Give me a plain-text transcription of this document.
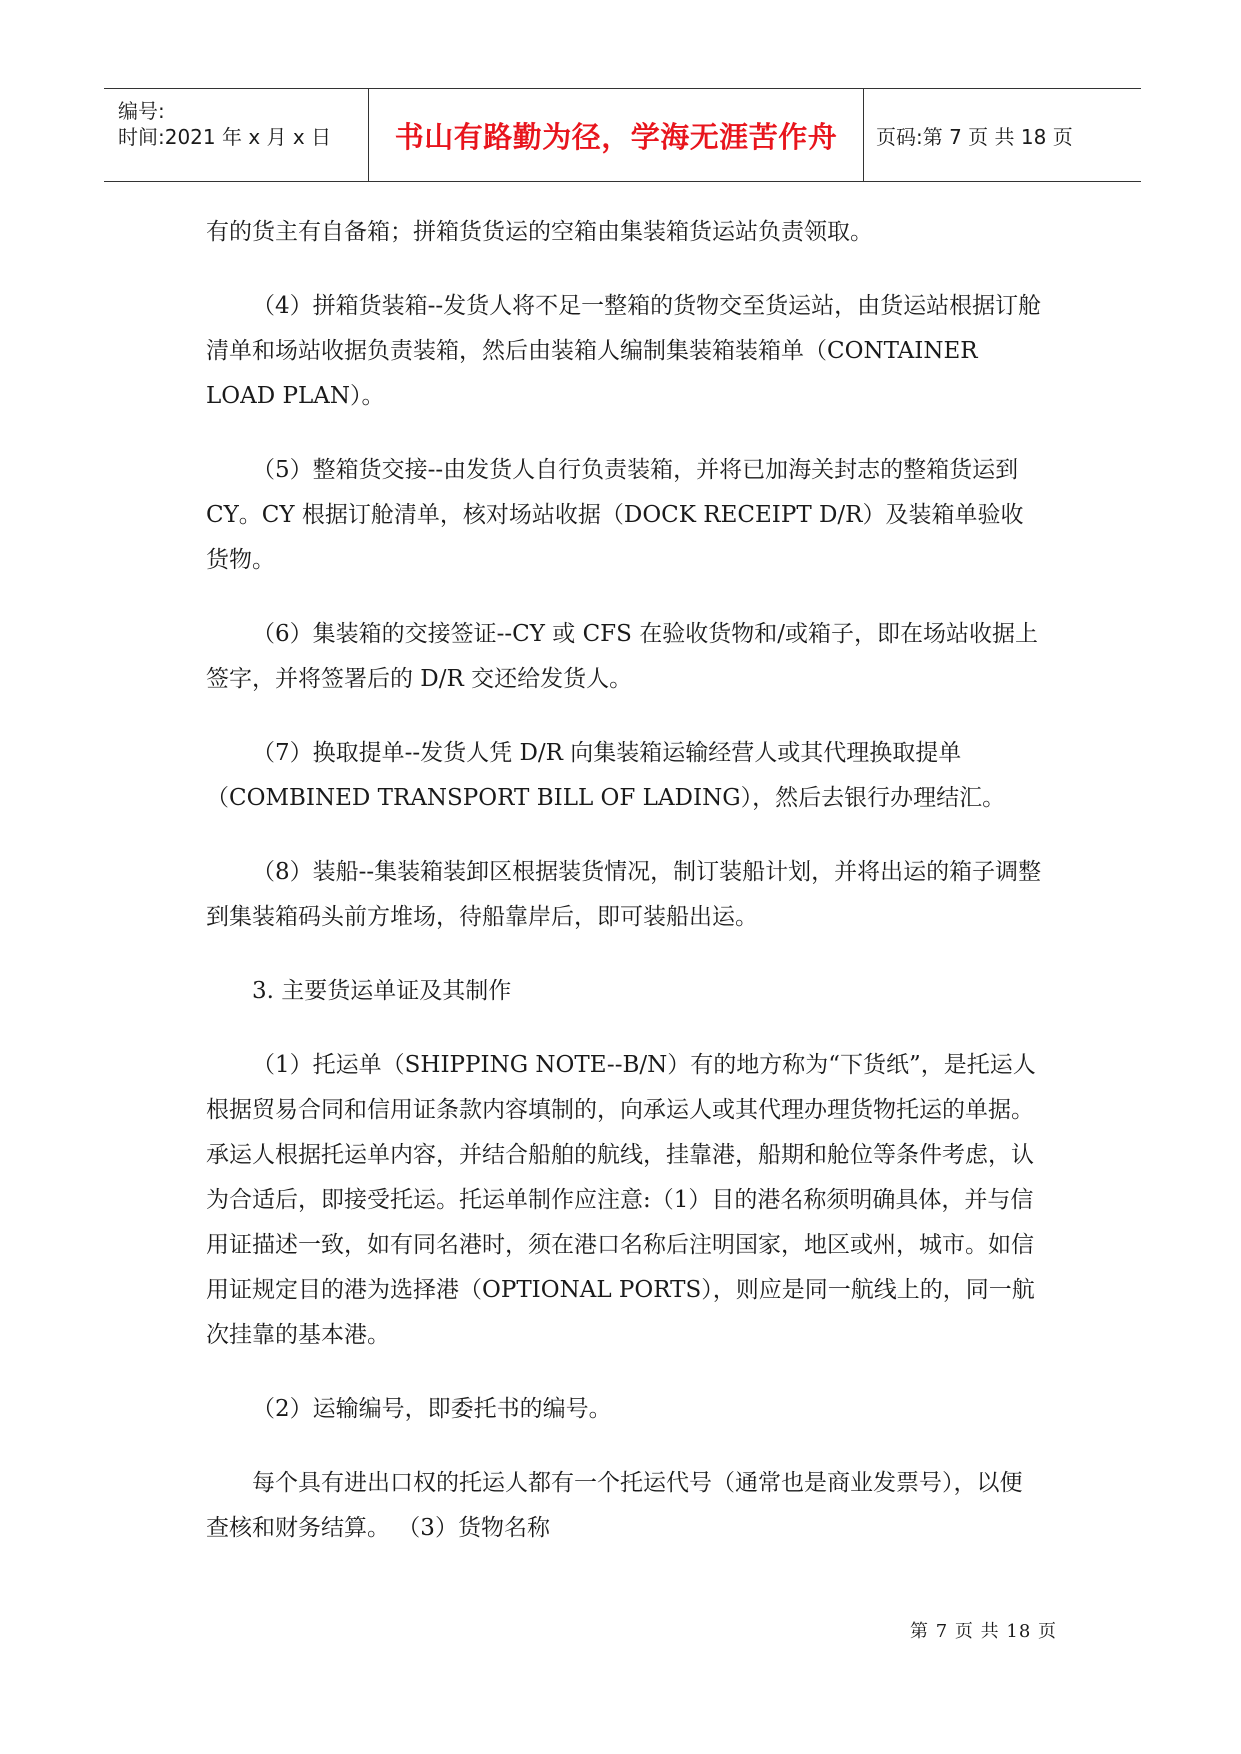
编号:
时间:2021 年 x 月 x 日 书山有路勤为径，学海无涯苦作舟 页码:第 7 页 共 18 页

有的货主有自备箱；拼箱货货运的空箱由集装箱货运站负责领取。

（4）拼箱货装箱--发货人将不足一整箱的货物交至货运站，由货运站根据订舱清单和场站收据负责装箱，然后由装箱人编制集装箱装箱单（CONTAINER LOAD PLAN）。

（5）整箱货交接--由发货人自行负责装箱，并将已加海关封志的整箱货运到 CY。CY 根据订舱清单，核对场站收据（DOCK RECEIPT D/R）及装箱单验收货物。

（6）集装箱的交接签证--CY 或 CFS 在验收货物和/或箱子，即在场站收据上签字，并将签署后的 D/R 交还给发货人。

（7）换取提单--发货人凭 D/R 向集装箱运输经营人或其代理换取提单（COMBINED TRANSPORT BILL OF LADING），然后去银行办理结汇。

（8）装船--集装箱装卸区根据装货情况，制订装船计划，并将出运的箱子调整到集装箱码头前方堆场，待船靠岸后，即可装船出运。

3. 主要货运单证及其制作

（1）托运单（SHIPPING NOTE--B/N）有的地方称为“下货纸”，是托运人根据贸易合同和信用证条款内容填制的，向承运人或其代理办理货物托运的单据。承运人根据托运单内容，并结合船舶的航线，挂靠港，船期和舱位等条件考虑，认为合适后，即接受托运。托运单制作应注意:（1）目的港名称须明确具体，并与信用证描述一致，如有同名港时，须在港口名称后注明国家，地区或州，城市。如信用证规定目的港为选择港（OPTIONAL PORTS），则应是同一航线上的，同一航次挂靠的基本港。

（2）运输编号，即委托书的编号。

每个具有进出口权的托运人都有一个托运代号（通常也是商业发票号），以便查核和财务结算。 （3）货物名称

第 7 页 共 18 页
